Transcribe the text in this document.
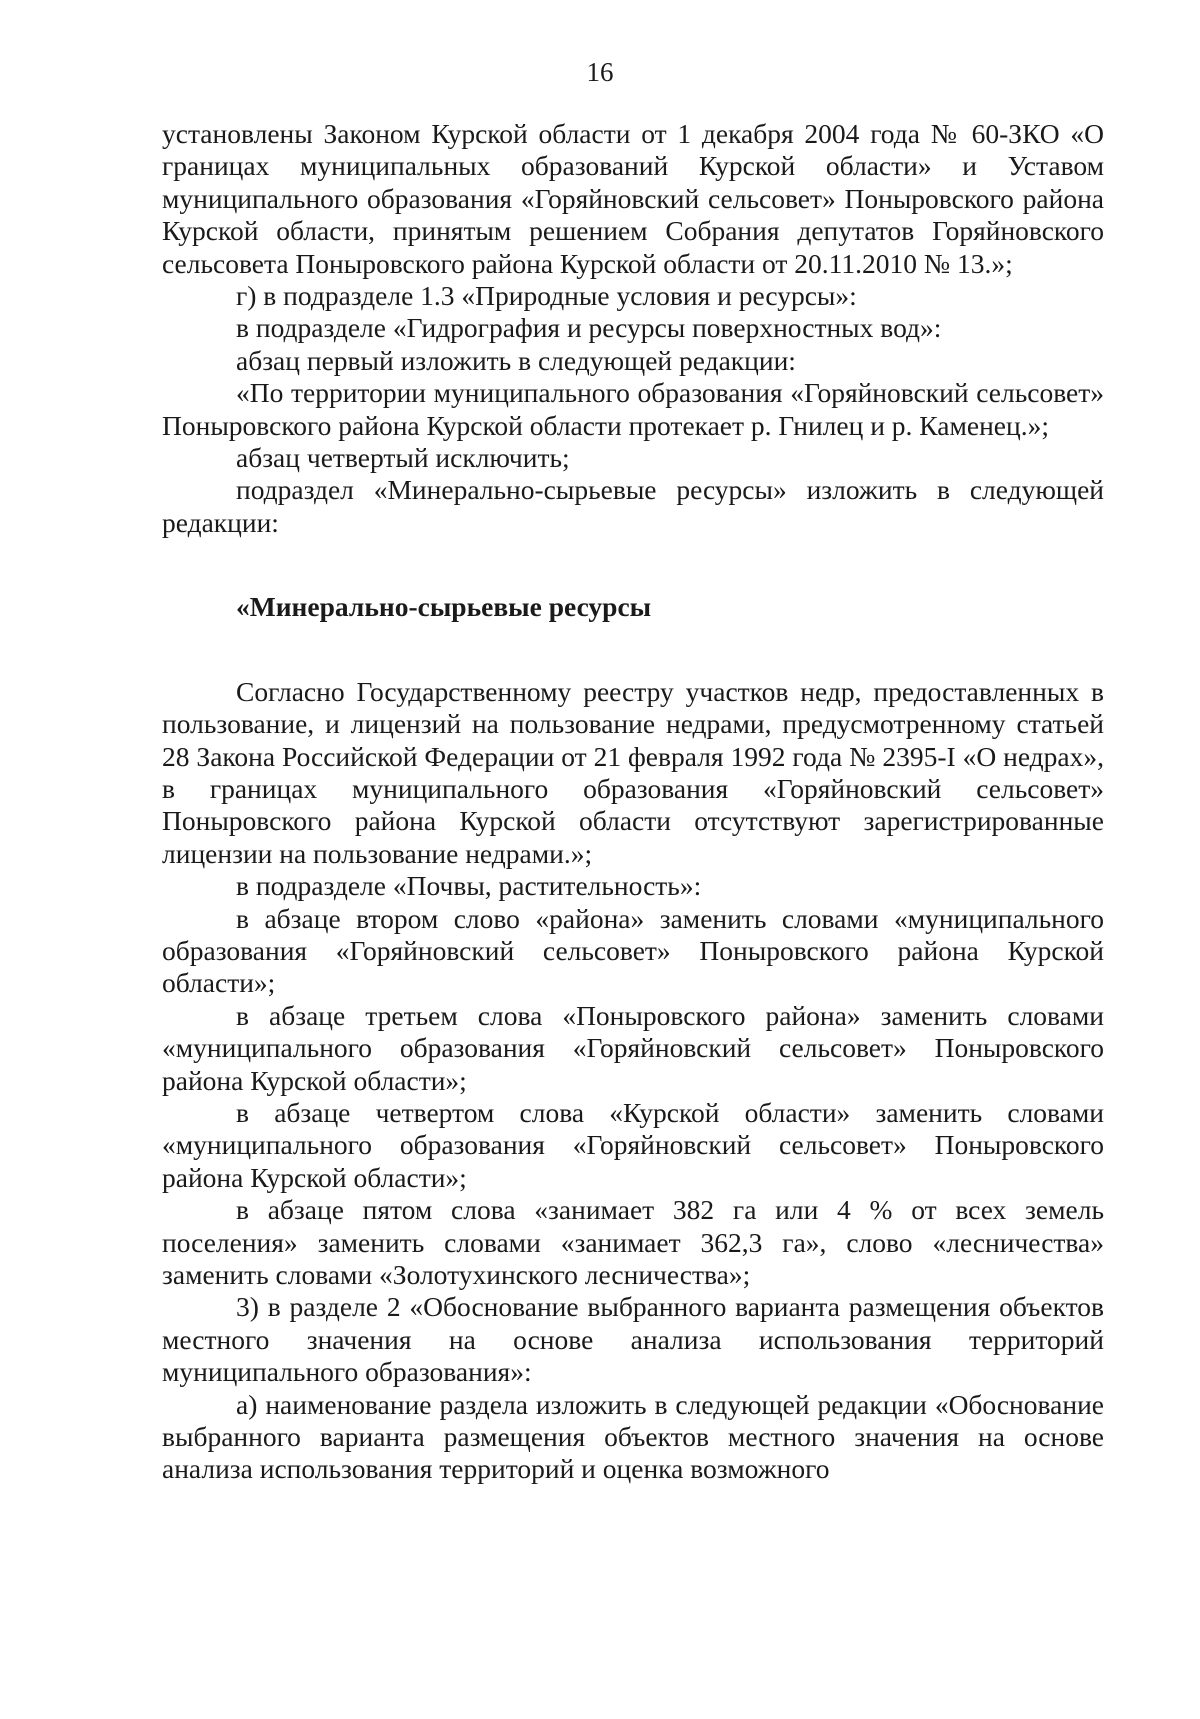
16

установлены Законом Курской области от 1 декабря 2004 года № 60-ЗКО «О границах муниципальных образований Курской области» и Уставом муниципального образования «Горяйновский сельсовет» Поныровского района Курской области, принятым решением Собрания депутатов Горяйновского сельсовета Поныровского района Курской области от 20.11.2010 № 13.»;

г) в подразделе 1.3 «Природные условия и ресурсы»:

в подразделе «Гидрография и ресурсы поверхностных вод»:

абзац первый изложить в следующей редакции:

«По территории муниципального образования «Горяйновский сельсовет» Поныровского района Курской области протекает р. Гнилец и р. Каменец.»;

абзац четвертый исключить;

подраздел «Минерально-сырьевые ресурсы» изложить в следующей редакции:

«Минерально-сырьевые ресурсы

Согласно Государственному реестру участков недр, предоставленных в пользование, и лицензий на пользование недрами, предусмотренному статьей 28 Закона Российской Федерации от 21 февраля 1992 года № 2395-I «О недрах», в границах муниципального образования «Горяйновский сельсовет» Поныровского района Курской области отсутствуют зарегистрированные лицензии на пользование недрами.»;

в подразделе «Почвы, растительность»:

в абзаце втором слово «района» заменить словами «муниципального образования «Горяйновский сельсовет» Поныровского района Курской области»;

в абзаце третьем слова «Поныровского района» заменить словами «муниципального образования «Горяйновский сельсовет» Поныровского района Курской области»;

в абзаце четвертом слова «Курской области» заменить словами «муниципального образования «Горяйновский сельсовет» Поныровского района Курской области»;

в абзаце пятом слова «занимает 382 га или 4 % от всех земель поселения» заменить словами «занимает 362,3 га», слово «лесничества» заменить словами «Золотухинского лесничества»;

3) в разделе 2 «Обоснование выбранного варианта размещения объектов местного значения на основе анализа использования территорий муниципального образования»:

а) наименование раздела изложить в следующей редакции «Обоснование выбранного варианта размещения объектов местного значения на основе анализа использования территорий и оценка возможного
